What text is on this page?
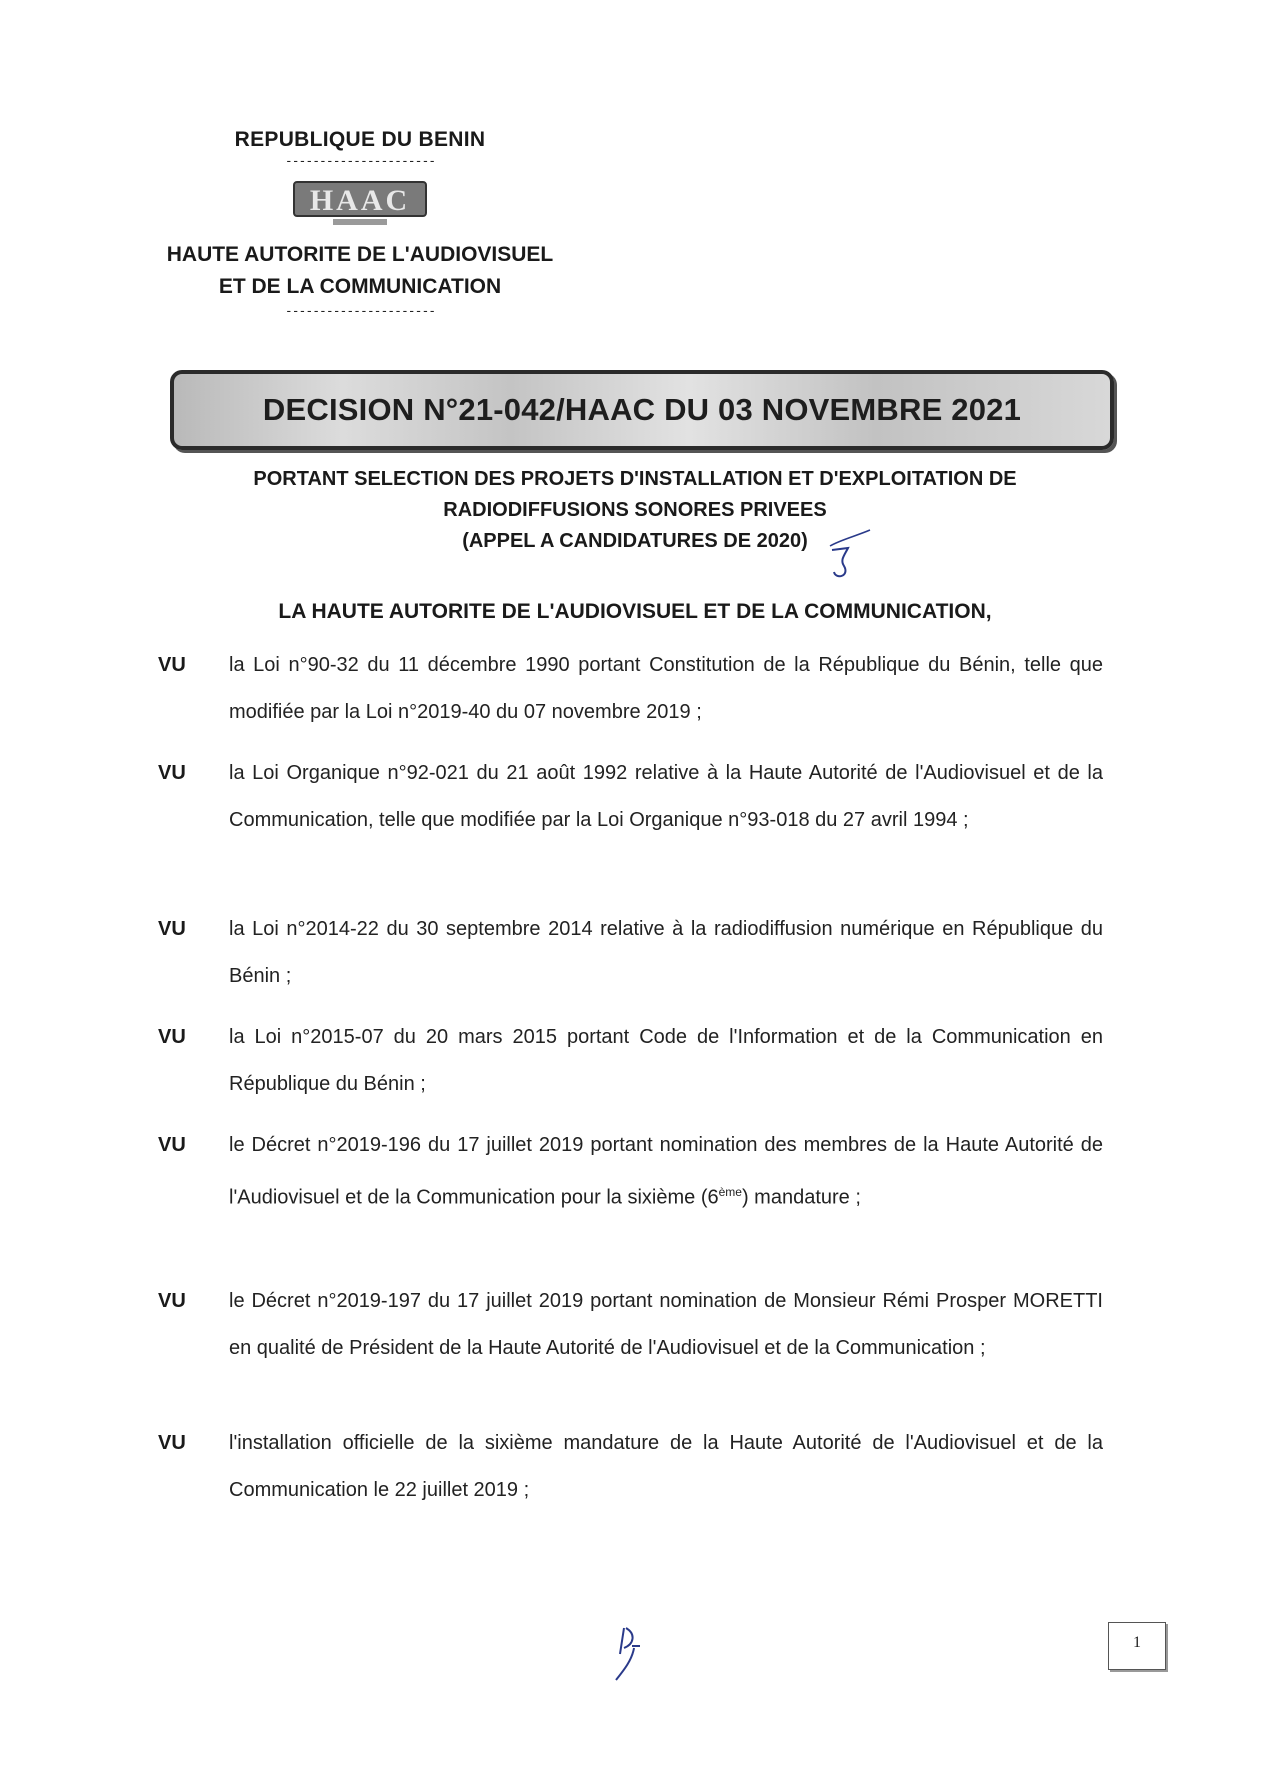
REPUBLIQUE DU BENIN
----------------------
HAAC
HAUTE AUTORITE DE L'AUDIOVISUEL
ET DE LA COMMUNICATION
----------------------
DECISION N°21-042/HAAC DU 03 NOVEMBRE 2021
PORTANT SELECTION DES PROJETS D'INSTALLATION ET D'EXPLOITATION DE
RADIODIFFUSIONS SONORES PRIVEES
(APPEL A CANDIDATURES DE 2020)
LA HAUTE AUTORITE DE L'AUDIOVISUEL ET DE LA COMMUNICATION,
VU la Loi n°90-32 du 11 décembre 1990 portant Constitution de la République du Bénin, telle que modifiée par la Loi n°2019-40 du 07 novembre 2019 ;
VU la Loi Organique n°92-021 du 21 août 1992 relative à la Haute Autorité de l'Audiovisuel et de la Communication, telle que modifiée par la Loi Organique n°93-018 du 27 avril 1994 ;
VU la Loi n°2014-22 du 30 septembre 2014 relative à la radiodiffusion numérique en République du Bénin ;
VU la Loi n°2015-07 du 20 mars 2015 portant Code de l'Information et de la Communication en République du Bénin ;
VU le Décret n°2019-196 du 17 juillet 2019 portant nomination des membres de la Haute Autorité de l'Audiovisuel et de la Communication pour la sixième (6ème) mandature ;
VU le Décret n°2019-197 du 17 juillet 2019 portant nomination de Monsieur Rémi Prosper MORETTI en qualité de Président de la Haute Autorité de l'Audiovisuel et de la Communication ;
VU l'installation officielle de la sixième mandature de la Haute Autorité de l'Audiovisuel et de la Communication le 22 juillet 2019 ;
1
